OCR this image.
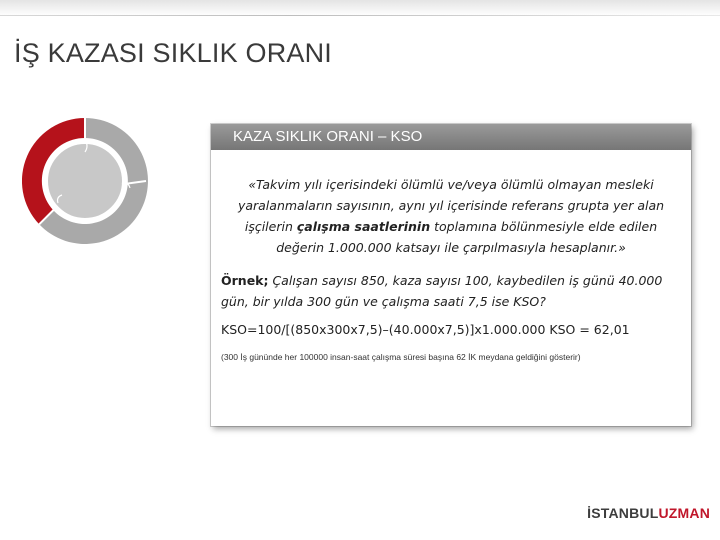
İŞ KAZASI SIKLIK ORANI
KAZA SIKLIK ORANI – KSO
«Takvim yılı içerisindeki ölümlü ve/veya ölümlü olmayan mesleki yaralanmaların sayısının, aynı yıl içerisinde referans grupta yer alan işçilerin çalışma saatlerinin toplamına bölünmesiyle elde edilen değerin 1.000.000 katsayı ile çarpılmasıyla hesaplanır.»
Örnek; Çalışan sayısı 850, kaza sayısı 100, kaybedilen iş günü 40.000 gün, bir yılda 300 gün ve çalışma saati 7,5 ise KSO?
KSO=100/[(850x300x7,5)–(40.000x7,5)]x1.000.000 KSO = 62,01
(300 İş gününde her 100000 insan-saat çalışma süresi başına 62 İK meydana geldiğini gösterir)
İSTANBULUZMAN
